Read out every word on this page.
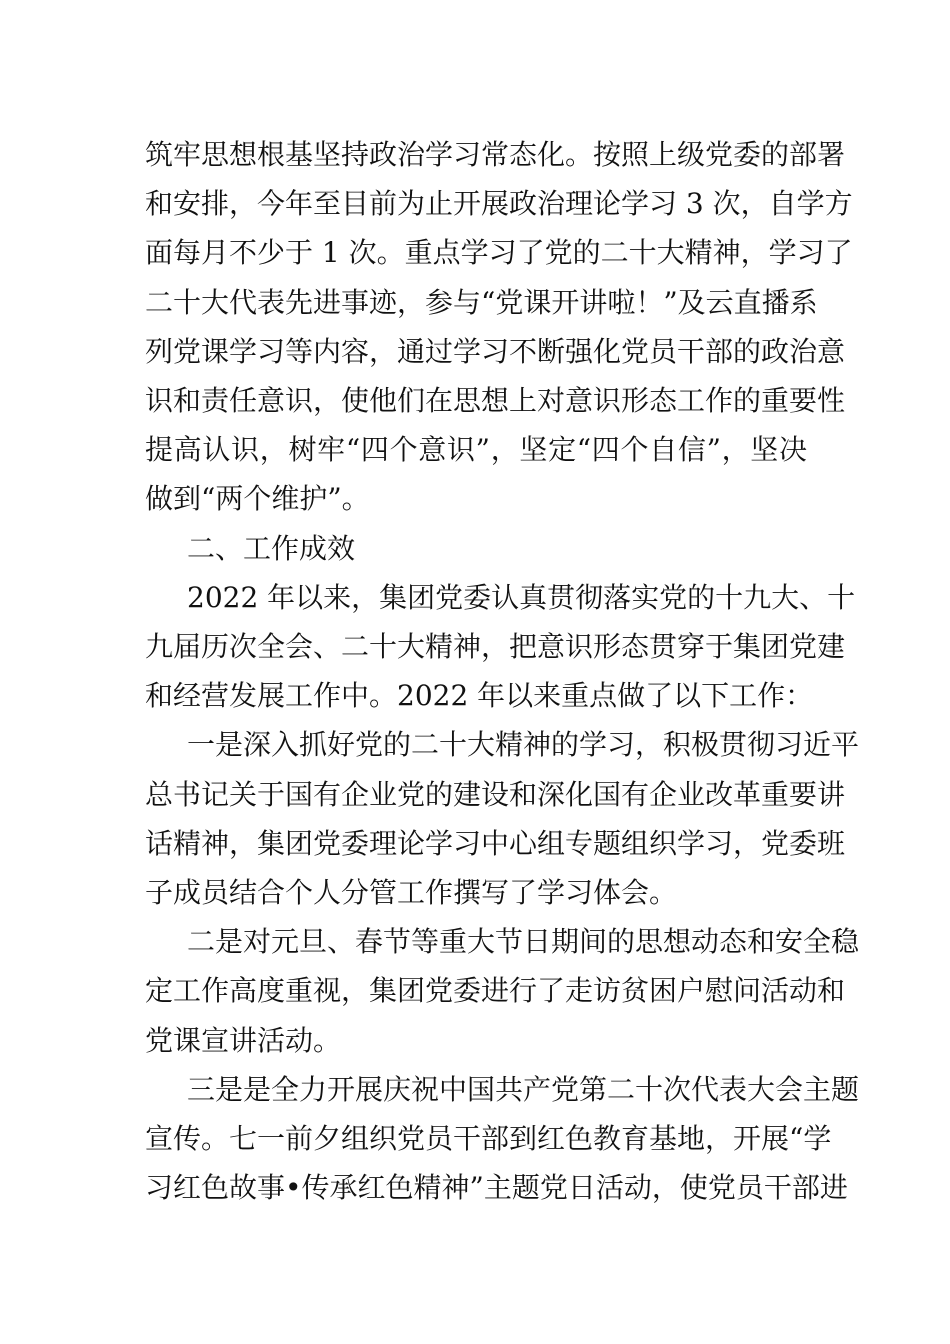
筑牢思想根基坚持政治学习常态化。按照上级党委的部署
和安排，今年至目前为止开展政治理论学习 3 次，自学方
面每月不少于 1 次。重点学习了党的二十大精神，学习了
二十大代表先进事迹，参与“党课开讲啦！”及云直播系
列党课学习等内容，通过学习不断强化党员干部的政治意
识和责任意识，使他们在思想上对意识形态工作的重要性
提高认识，树牢“四个意识”，坚定“四个自信”，坚决
做到“两个维护”。

二、工作成效

2022 年以来，集团党委认真贯彻落实党的十九大、十
九届历次全会、二十大精神，把意识形态贯穿于集团党建
和经营发展工作中。2022 年以来重点做了以下工作：

一是深入抓好党的二十大精神的学习，积极贯彻习近平
总书记关于国有企业党的建设和深化国有企业改革重要讲
话精神，集团党委理论学习中心组专题组织学习，党委班
子成员结合个人分管工作撰写了学习体会。

二是对元旦、春节等重大节日期间的思想动态和安全稳
定工作高度重视，集团党委进行了走访贫困户慰问活动和
党课宣讲活动。

三是是全力开展庆祝中国共产党第二十次代表大会主题
宣传。七一前夕组织党员干部到红色教育基地，开展“学
习红色故事•传承红色精神”主题党日活动，使党员干部进
